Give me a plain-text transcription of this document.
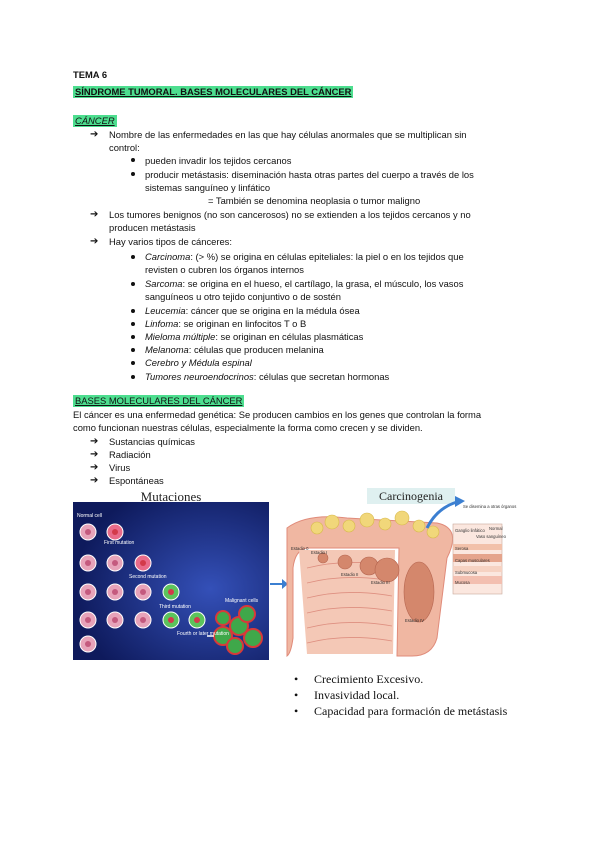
TEMA 6
SÍNDROME TUMORAL. BASES MOLECULARES DEL CÁNCER
CÁNCER
➔ Nombre de las enfermedades en las que hay células anormales que se multiplican sin
control:
pueden invadir los tejidos cercanos
producir metástasis: diseminación hasta otras partes del cuerpo a través de los
sistemas sanguíneo y linfático
= También se denomina neoplasia o tumor maligno
➔ Los tumores benignos (no son cancerosos) no se extienden a los tejidos cercanos y no
producen metástasis
➔ Hay varios tipos de cánceres:
Carcinoma: (> %) se origina en células epiteliales: la piel o en los tejidos que
revisten o cubren los órganos internos
Sarcoma: se origina en el hueso, el cartílago, la grasa, el músculo, los vasos
sanguíneos u otro tejido conjuntivo o de sostén
Leucemia: cáncer que se origina en la médula ósea
Linfoma: se originan en linfocitos T o B
Mieloma múltiple: se originan en células plasmáticas
Melanoma: células que producen melanina
Cerebro y Médula espinal
Tumores neuroendocrinos: células que secretan hormonas
BASES MOLECULARES DEL CÁNCER
El cáncer es una enfermedad genética: Se producen cambios en los genes que controlan la forma
como funcionan nuestras células, especialmente la forma como crecen y se dividen.
➔ Sustancias químicas
➔ Radiación
➔ Virus
➔ Espontáneas
Mutaciones
Normal cell
First mutation
Second mutation
Third mutation
Fourth or later mutation
Malignant cells
Carcinogenia
Se disemina a otras órganos
Normal
Ganglio linfático
Vaso sanguíneo
Serosa
Capas musculares
Submucosa
Mucosa
Estadio 0
Estadio I
Estadio II
Estadio III
Estadio IV
• Crecimiento Excesivo.
• Invasividad local.
• Capacidad para formación de metástasis
